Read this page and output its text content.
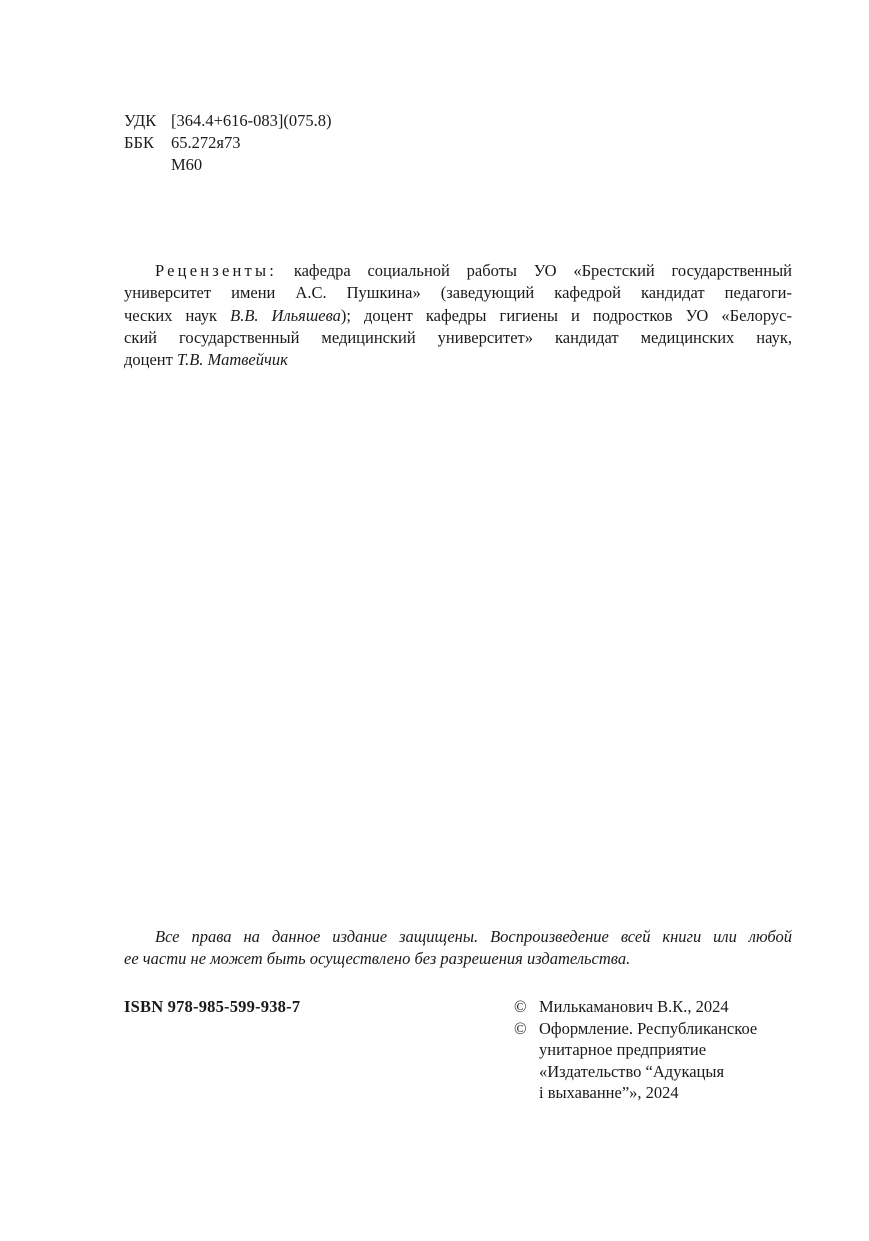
УДК [364.4+616-083](075.8)
ББК	65.272я73
М60
Рецензенты: кафедра социальной работы УО «Брестский государственный
университет имени А.С. Пушкина» (заведующий кафедрой кандидат педагоги-
ческих наук В.В. Ильяшева); доцент кафедры гигиены и подростков УО «Белорус-
ский государственный медицинский университет» кандидат медицинских наук,
доцент Т.В. Матвейчик
Все права на данное издание защищены. Воспроизведение всей книги или любой
ее части не может быть осуществлено без разрешения издательства.
ISBN 978-985-599-938-7	© Милькаманович В.К., 2024
© Оформление. Республиканское
унитарное предприятие
«Издательство “Адукацыя
і выхаванне”», 2024
